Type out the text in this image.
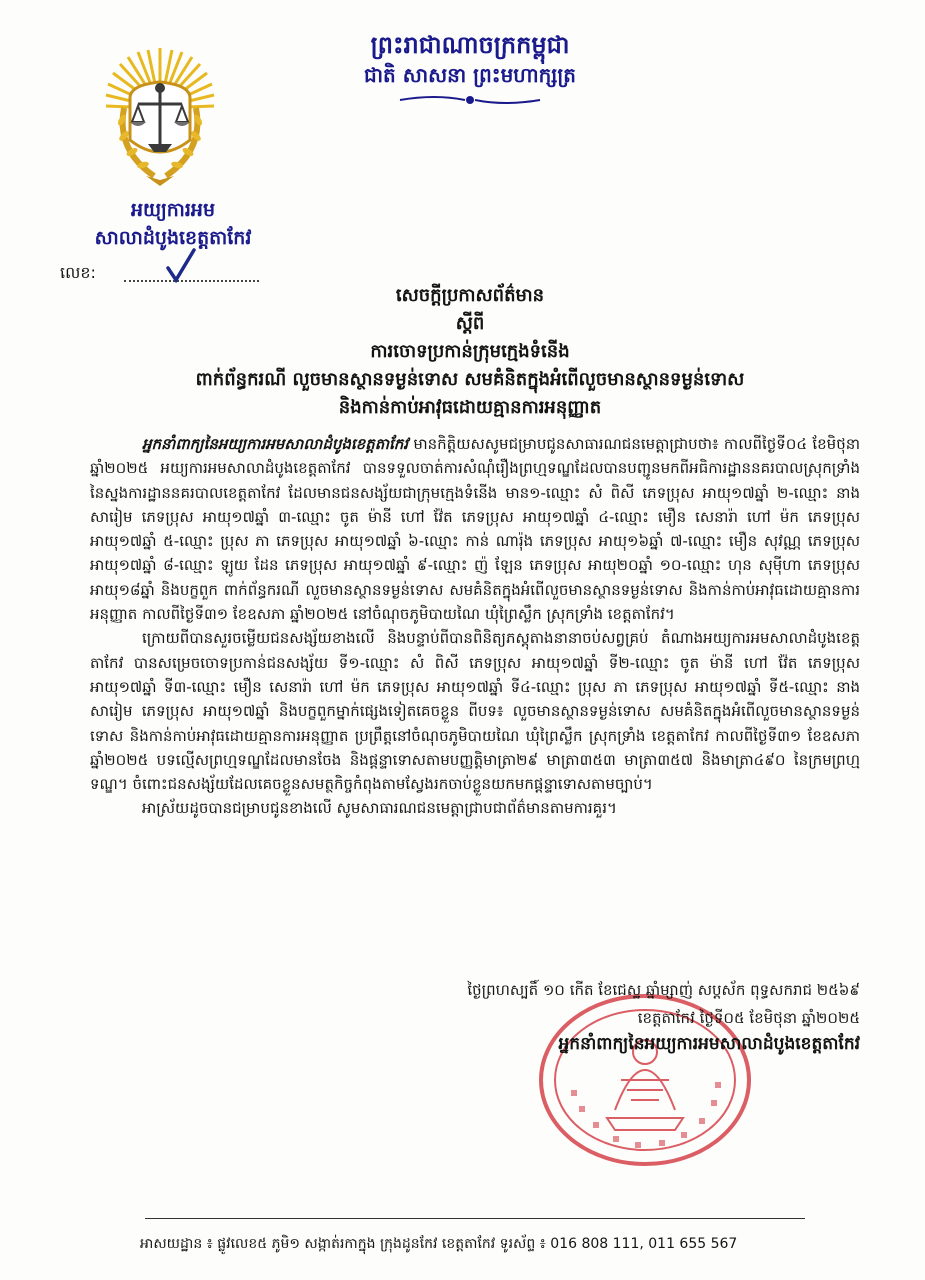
ព្រះរាជាណាចក្រកម្ពុជា
ជាតិ សាសនា ព្រះមហាក្សត្រ
អយ្យការអម
សាលាដំបូងខេត្តតាកែវ
លេខ:
សេចក្តីប្រកាសព័ត៌មាន
ស្តីពី
ការចោទប្រកាន់ក្រុមក្មេងទំនើង
ពាក់ព័ន្ធករណី លួចមានស្ថានទម្ងន់ទោស សមគំនិតក្នុងអំពើលួចមានស្ថានទម្ងន់ទោស
និងកាន់កាប់អាវុធដោយគ្មានការអនុញ្ញាត

អ្នកនាំពាក្យនៃអយ្យការអមសាលាដំបូងខេត្តតាកែវ មានកិត្តិយសសូមជម្រាបជូនសាធារណជនមេត្តាជ្រាបថា៖ កាលពីថ្ងៃទី០៤ ខែមិថុនា ឆ្នាំ២០២៥ អយ្យការអមសាលាដំបូងខេត្តតាកែវ បានទទួលចាត់ការសំណុំរឿងព្រហ្មទណ្ឌដែលបានបញ្ជូនមកពីអធិការដ្ឋាននគរបាលស្រុកទ្រាំង នៃស្នងការដ្ឋាននគរបាលខេត្តតាកែវ ដែលមានជនសង្ស័យជាក្រុមក្មេងទំនើង មាន១-ឈ្មោះ សំ ពិសី ភេទប្រុស អាយុ១៧ឆ្នាំ ២-ឈ្មោះ នាង សារៀម ភេទប្រុស អាយុ១៧ឆ្នាំ ៣-ឈ្មោះ ចូត ម៉ានី ហៅ វ៉ែត ភេទប្រុស អាយុ១៧ឆ្នាំ ៤-ឈ្មោះ មឿន សេនារ៉ា ហៅ ម៉ក ភេទប្រុស អាយុ១៧ឆ្នាំ ៥-ឈ្មោះ ប្រុស ភា ភេទប្រុស អាយុ១៧ឆ្នាំ ៦-ឈ្មោះ កាន់ ណារ៉ុង ភេទប្រុស អាយុ១៦ឆ្នាំ ៧-ឈ្មោះ មឿន សុវណ្ណ ភេទប្រុស អាយុ១៧ឆ្នាំ ៨-ឈ្មោះ ឡូយ ដែន ភេទប្រុស អាយុ១៧ឆ្នាំ ៩-ឈ្មោះ ញ៉ ឡែន ភេទប្រុស អាយុ២០ឆ្នាំ ១០-ឈ្មោះ ហុន សុមុីហា ភេទប្រុស អាយុ១៨ឆ្នាំ និងបក្ខពួក ពាក់ព័ន្ធករណី លួចមានស្ថានទម្ងន់ទោស សមគំនិតក្នុងអំពើលួចមានស្ថានទម្ងន់ទោស និងកាន់កាប់អាវុធដោយគ្មានការអនុញ្ញាត កាលពីថ្ងៃទី៣១ ខែឧសភា ឆ្នាំ២០២៥ នៅចំណុចភូមិបាយណៃ ឃុំព្រៃស្លឹក ស្រុកទ្រាំង ខេត្តតាកែវ។

ក្រោយពីបានសួរចម្លើយជនសង្ស័យខាងលើ និងបន្ទាប់ពីបានពិនិត្យភស្តុតាងនានាចប់សព្វគ្រប់ តំណាងអយ្យការអមសាលាដំបូងខេត្តតាកែវ បានសម្រេចចោទប្រកាន់ជនសង្ស័យ ទី១-ឈ្មោះ សំ ពិសី ភេទប្រុស អាយុ១៧ឆ្នាំ ទី២-ឈ្មោះ ចូត ម៉ានី ហៅ វ៉ែត ភេទប្រុស អាយុ១៧ឆ្នាំ ទី៣-ឈ្មោះ មឿន សេនារ៉ា ហៅ ម៉ក ភេទប្រុស អាយុ១៧ឆ្នាំ ទី៤-ឈ្មោះ ប្រុស ភា ភេទប្រុស អាយុ១៧ឆ្នាំ ទី៥-ឈ្មោះ នាង សារៀម ភេទប្រុស អាយុ១៧ឆ្នាំ និងបក្ខពួកម្នាក់ផ្សេងទៀតគេចខ្លួន ពីបទ៖ លួចមានស្ថានទម្ងន់ទោស សមគំនិតក្នុងអំពើលួចមានស្ថានទម្ងន់ទោស និងកាន់កាប់អាវុធដោយគ្មានការអនុញ្ញាត ប្រព្រឹត្តនៅចំណុចភូមិបាយណៃ ឃុំព្រៃស្លឹក ស្រុកទ្រាំង ខេត្តតាកែវ កាលពីថ្ងៃទី៣១ ខែឧសភា ឆ្នាំ២០២៥ បទល្មើសព្រហ្មទណ្ឌដែលមានចែង និងផ្តន្ទាទោសតាមបញ្ញត្តិមាត្រា២៩ មាត្រា៣៥៣ មាត្រា៣៥៧ និងមាត្រា៤៩០ នៃក្រមព្រហ្មទណ្ឌ។ ចំពោះជនសង្ស័យដែលគេចខ្លួនសមត្ថកិច្ចកំពុងតាមស្វែងរកចាប់ខ្លួនយកមកផ្តន្ទាទោសតាមច្បាប់។

អាស្រ័យដូចបានជម្រាបជូនខាងលើ សូមសាធារណជនមេត្តាជ្រាបជាព័ត៌មានតាមការគួរ។

ថ្ងៃព្រហស្បតិ៍ ១០ កើត ខែជេស្ឋ ឆ្នាំម្សាញ់ សប្តស័ក ពុទ្ធសករាជ ២៥៦៩
ខេត្តតាកែវ ថ្ងៃទី០៥ ខែមិថុនា ឆ្នាំ២០២៥
អ្នកនាំពាក្យនៃអយ្យការអមសាលាដំបូងខេត្តតាកែវ
អាសយដ្ឋាន ៖ ផ្លូវលេខ៥ ភូមិ១ សង្កាត់រកាក្នុង ក្រុងដូនកែវ ខេត្តតាកែវ ទូរស័ព្ទ ៖ 016 808 111, 011 655 567
